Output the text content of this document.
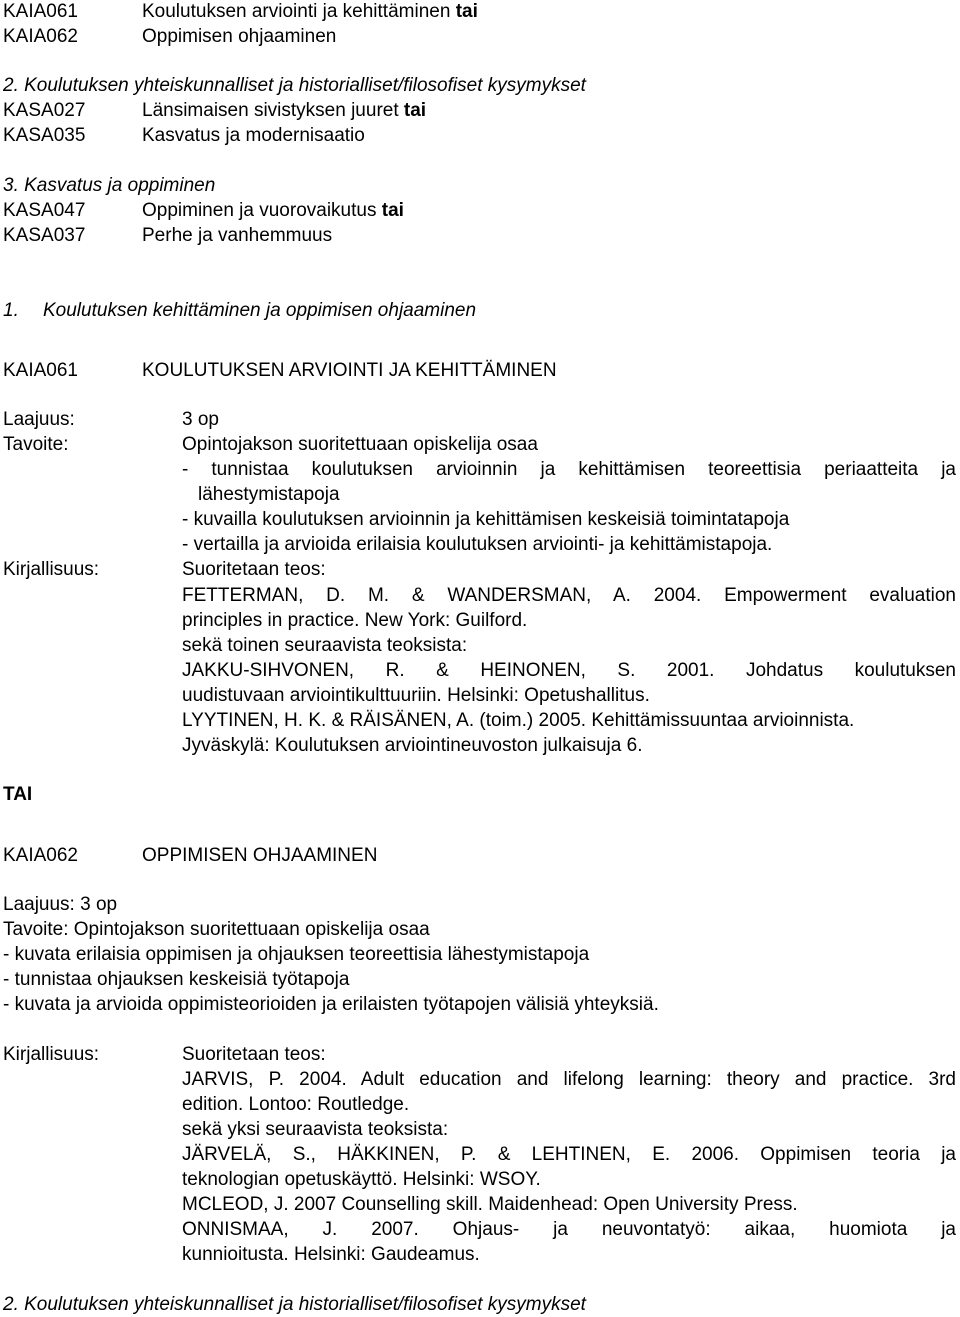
KAIA061	Koulutuksen arviointi ja kehittäminen tai
KAIA062	Oppimisen ohjaaminen
2. Koulutuksen yhteiskunnalliset ja historialliset/filosofiset kysymykset
KASA027	Länsimaisen sivistyksen juuret tai
KASA035	Kasvatus ja modernisaatio
3. Kasvatus ja oppiminen
KASA047	Oppiminen ja vuorovaikutus tai
KASA037	Perhe ja vanhemmuus
1. Koulutuksen kehittäminen ja oppimisen ohjaaminen
KAIA061	KOULUTUKSEN ARVIOINTI JA KEHITTÄMINEN
Laajuus:	3 op
Tavoite:	Opintojakson suoritettuaan opiskelija osaa
- tunnistaa koulutuksen arvioinnin ja kehittämisen teoreettisia periaatteita ja
lähestymistapoja
- kuvailla koulutuksen arvioinnin ja kehittämisen keskeisiä toimintatapoja
- vertailla ja arvioida erilaisia koulutuksen arviointi- ja kehittämistapoja.
Kirjallisuus:	Suoritetaan teos:
FETTERMAN, D. M. & WANDERSMAN, A. 2004. Empowerment evaluation
principles in practice. New York: Guilford.
sekä toinen seuraavista teoksista:
JAKKU-SIHVONEN, R. & HEINONEN, S. 2001. Johdatus koulutuksen
uudistuvaan arviointikulttuuriin. Helsinki: Opetushallitus.
LYYTINEN, H. K. & RÄISÄNEN, A. (toim.) 2005. Kehittämissuuntaa arvioinnista.
Jyväskylä: Koulutuksen arviointineuvoston julkaisuja 6.
TAI
KAIA062	OPPIMISEN OHJAAMINEN
Laajuus: 3 op
Tavoite: Opintojakson suoritettuaan opiskelija osaa
- kuvata erilaisia oppimisen ja ohjauksen teoreettisia lähestymistapoja
- tunnistaa ohjauksen keskeisiä työtapoja
- kuvata ja arvioida oppimisteorioiden ja erilaisten työtapojen välisiä yhteyksiä.
Kirjallisuus:	Suoritetaan teos:
JARVIS, P. 2004. Adult education and lifelong learning: theory and practice. 3rd
edition. Lontoo: Routledge.
sekä yksi seuraavista teoksista:
JÄRVELÄ, S., HÄKKINEN, P. & LEHTINEN, E. 2006. Oppimisen teoria ja
teknologian opetuskäyttö. Helsinki: WSOY.
MCLEOD, J. 2007 Counselling skill. Maidenhead: Open University Press.
ONNISMAA, J. 2007. Ohjaus- ja neuvontatyö: aikaa, huomiota ja
kunnioitusta. Helsinki: Gaudeamus.
2. Koulutuksen yhteiskunnalliset ja historialliset/filosofiset kysymykset
